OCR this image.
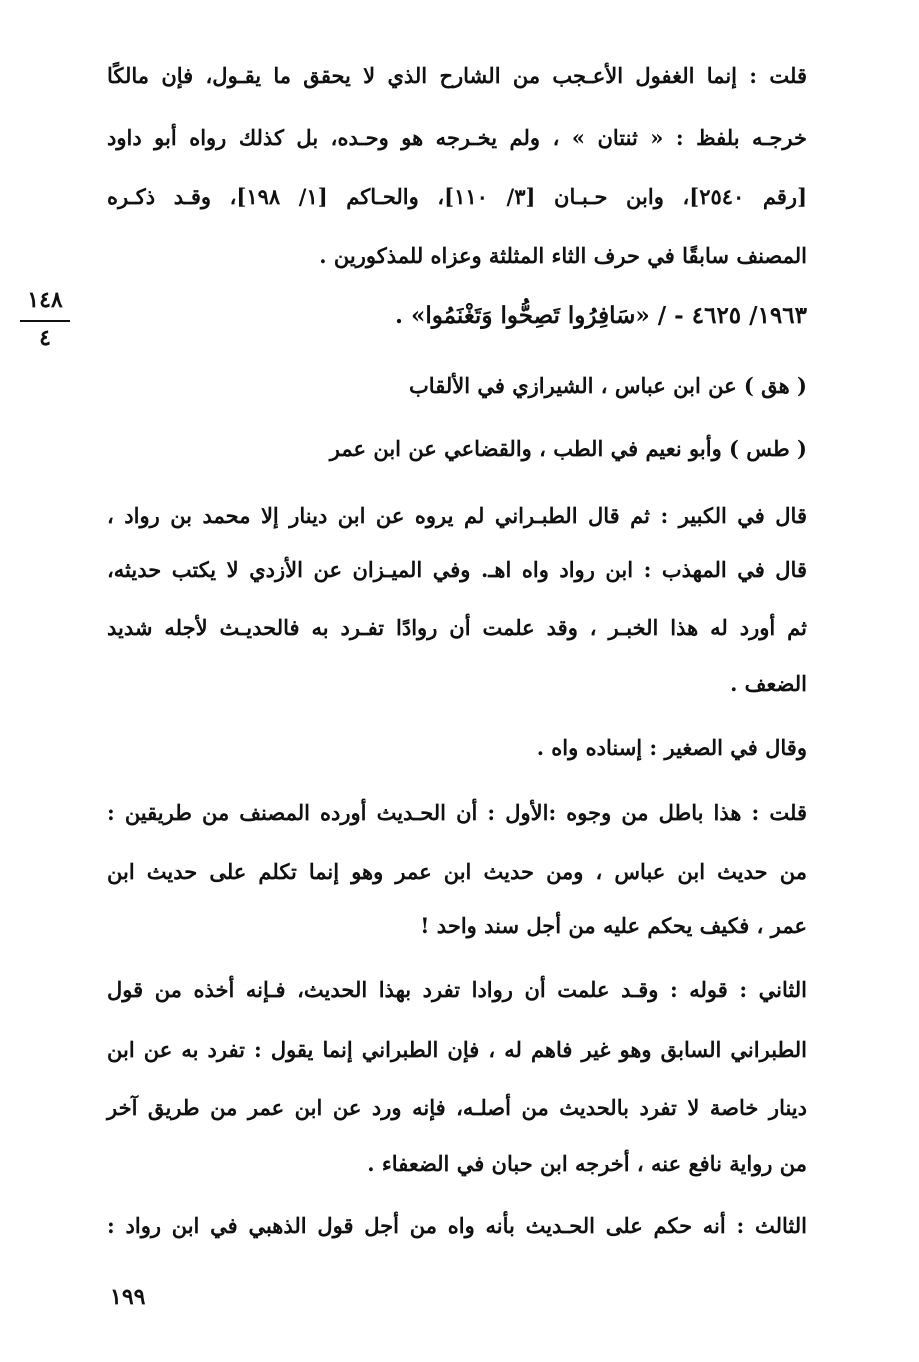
قلت : إنما الغفول الأعـجب من الشارح الذي لا يحقق ما يقـول، فإن مالكًا
خرجـه بلفظ : « ثنتان » ، ولم يخـرجه هو وحـده، بل كذلك رواه أبو داود
[رقم ٢٥٤٠]، وابن حـبـان [٣/ ١١٠]، والحـاكم [١/ ١٩٨]، وقـد ذكـره
المصنف سابقًا في حرف الثاء المثلثة وعزاه للمذكورين .
١٩٦٣/ ٤٦٢٥ - / «سَافِرُوا تَصِحُّوا وَتَغْنَمُوا» .
( هق ) عن ابن عباس ، الشيرازي في الألقاب
( طس ) وأبو نعيم في الطب ، والقضاعي عن ابن عمر
قال في الكبير : ثم قال الطبـراني لم يروه عن ابن دينار إلا محمد بن رواد ،
قال في المهذب : ابن رواد واه اهـ. وفي الميـزان عن الأزدي لا يكتب حديثه،
ثم أورد له هذا الخبـر ، وقد علمت أن روادًا تفـرد به فالحديـث لأجله شديد
الضعف .
وقال في الصغير : إسناده واه .
قلت : هذا باطل من وجوه :الأول : أن الحـديث أورده المصنف من طريقين :
من حديث ابن عباس ، ومن حديث ابن عمر وهو إنما تكلم على حديث ابن
عمر ، فكيف يحكم عليه من أجل سند واحد !
الثاني : قوله : وقـد علمت أن روادا تفرد بهذا الحديث، فـإنه أخذه من قول
الطبراني السابق وهو غير فاهم له ، فإن الطبراني إنما يقول : تفرد به عن ابن
دينار خاصة لا تفرد بالحديث من أصلـه، فإنه ورد عن ابن عمر من طريق آخر
من رواية نافع عنه ، أخرجه ابن حبان في الضعفاء .
الثالث : أنه حكم على الحـديث بأنه واه من أجل قول الذهبي في ابن رواد :
١٤٨
٤
١٩٩
